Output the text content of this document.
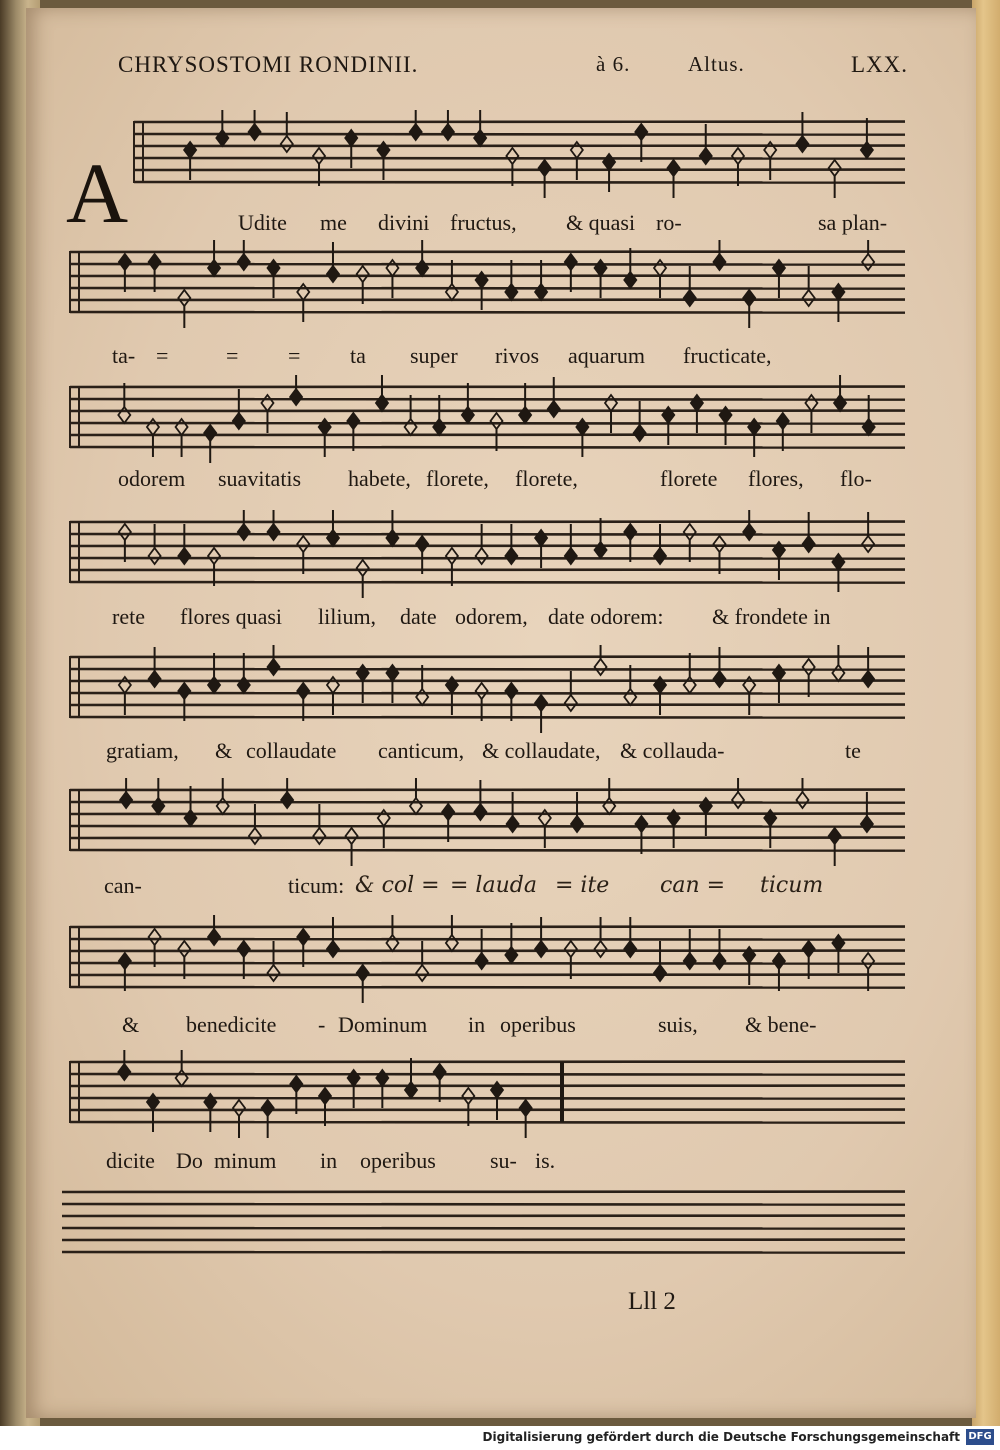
CHRYSOSTOMI RONDINII.	à 6.	Altus.	LXX.
A	Udite me divini fructus, & quasi ro-	sa plan-
ta- =	= = ta super rivos aquarum fructicate,
odorem suavitatis habete, florete, florete,	florete flores, flo-
rete flores quasi lilium, date odorem, date odorem: & frondete in
gratiam, & collaudate canticum, & collaudate, & collauda-	te
can-	ticum: & col = = lauda = ite can = ticum
& benedicite - Dominum in operibus	suis, & bene-
dicite Do minum in operibus su- is.
Lll 2
Digitalisierung gefördert durch die Deutsche Forschungsgemeinschaft DFG
